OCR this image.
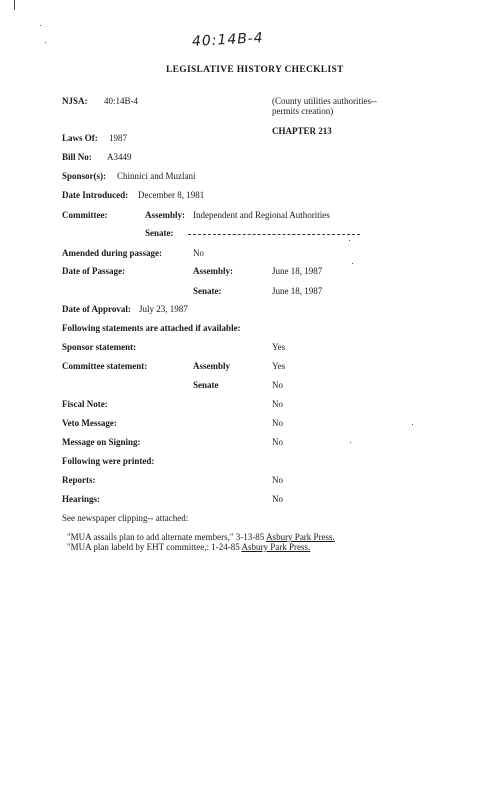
40:14B-4
LEGISLATIVE HISTORY CHECKLIST
NJSA: 40:14B-4	(County utilities authorities--
permits creation)
CHAPTER 213
Laws Of: 1987
Bill No: A3449
Sponsor(s): Chinnici and Muzlani
Date Introduced: December 8, 1981
Committee:	Assembly: Independent and Regional Authorities
Senate:
Amended during passage:	No
Date of Passage:	Assembly:	June 18, 1987
Senate:	June 18, 1987
Date of Approval: July 23, 1987
Following statements are attached if available:
Sponsor statement:	Yes
Committee statement:	Assembly	Yes
Senate	No
Fiscal Note:	No
Veto Message:	No
Message on Signing:	No
Following were printed:
Reports:	No
Hearings:	No
See newspaper clipping-- attached:
"MUA assails plan to add alternate members," 3-13-85 Asbury Park Press.
"MUA plan labeld by EHT committee,: 1-24-85 Asbury Park Press.
